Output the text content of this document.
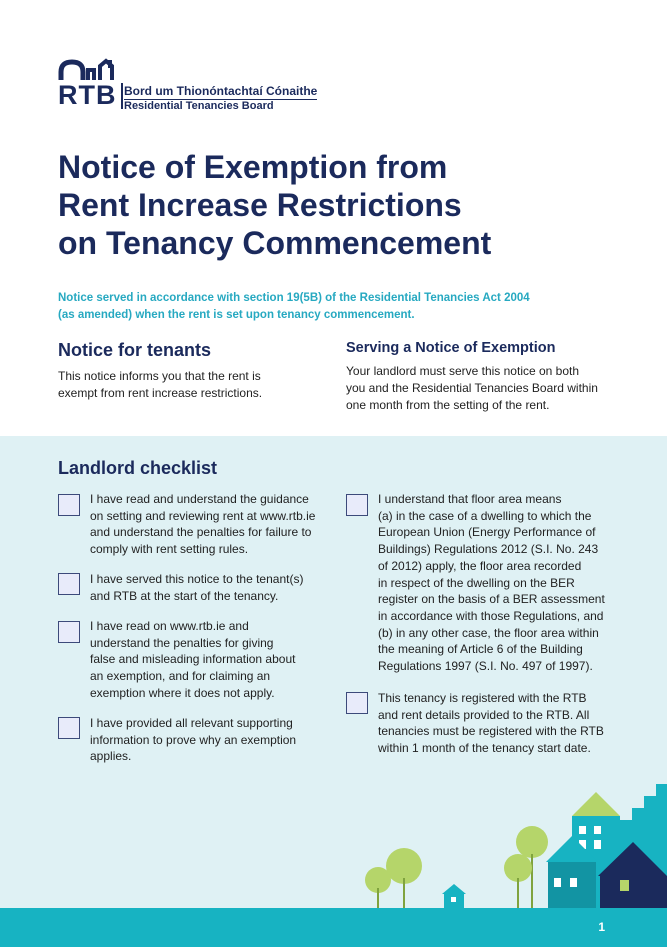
RTB Bord um Thionóntachtaí Cónaithe
Residential Tenancies Board
Notice of Exemption from
Rent Increase Restrictions
on Tenancy Commencement
Notice served in accordance with section 19(5B) of the Residential Tenancies Act 2004
(as amended) when the rent is set upon tenancy commencement.
Notice for tenants
This notice informs you that the rent is
exempt from rent increase restrictions.
Serving a Notice of Exemption
Your landlord must serve this notice on both
you and the Residential Tenancies Board within
one month from the setting of the rent.
Landlord checklist
I have read and understand the guidance
on setting and reviewing rent at www.rtb.ie
and understand the penalties for failure to
comply with rent setting rules.
I have served this notice to the tenant(s)
and RTB at the start of the tenancy.
I have read on www.rtb.ie and
understand the penalties for giving
false and misleading information about
an exemption, and for claiming an
exemption where it does not apply.
I have provided all relevant supporting
information to prove why an exemption
applies.
I understand that floor area means
(a) in the case of a dwelling to which the
European Union (Energy Performance of
Buildings) Regulations 2012 (S.I. No. 243
of 2012) apply, the floor area recorded
in respect of the dwelling on the BER
register on the basis of a BER assessment
in accordance with those Regulations, and
(b) in any other case, the floor area within
the meaning of Article 6 of the Building
Regulations 1997 (S.I. No. 497 of 1997).
This tenancy is registered with the RTB
and rent details provided to the RTB. All
tenancies must be registered with the RTB
within 1 month of the tenancy start date.
1
